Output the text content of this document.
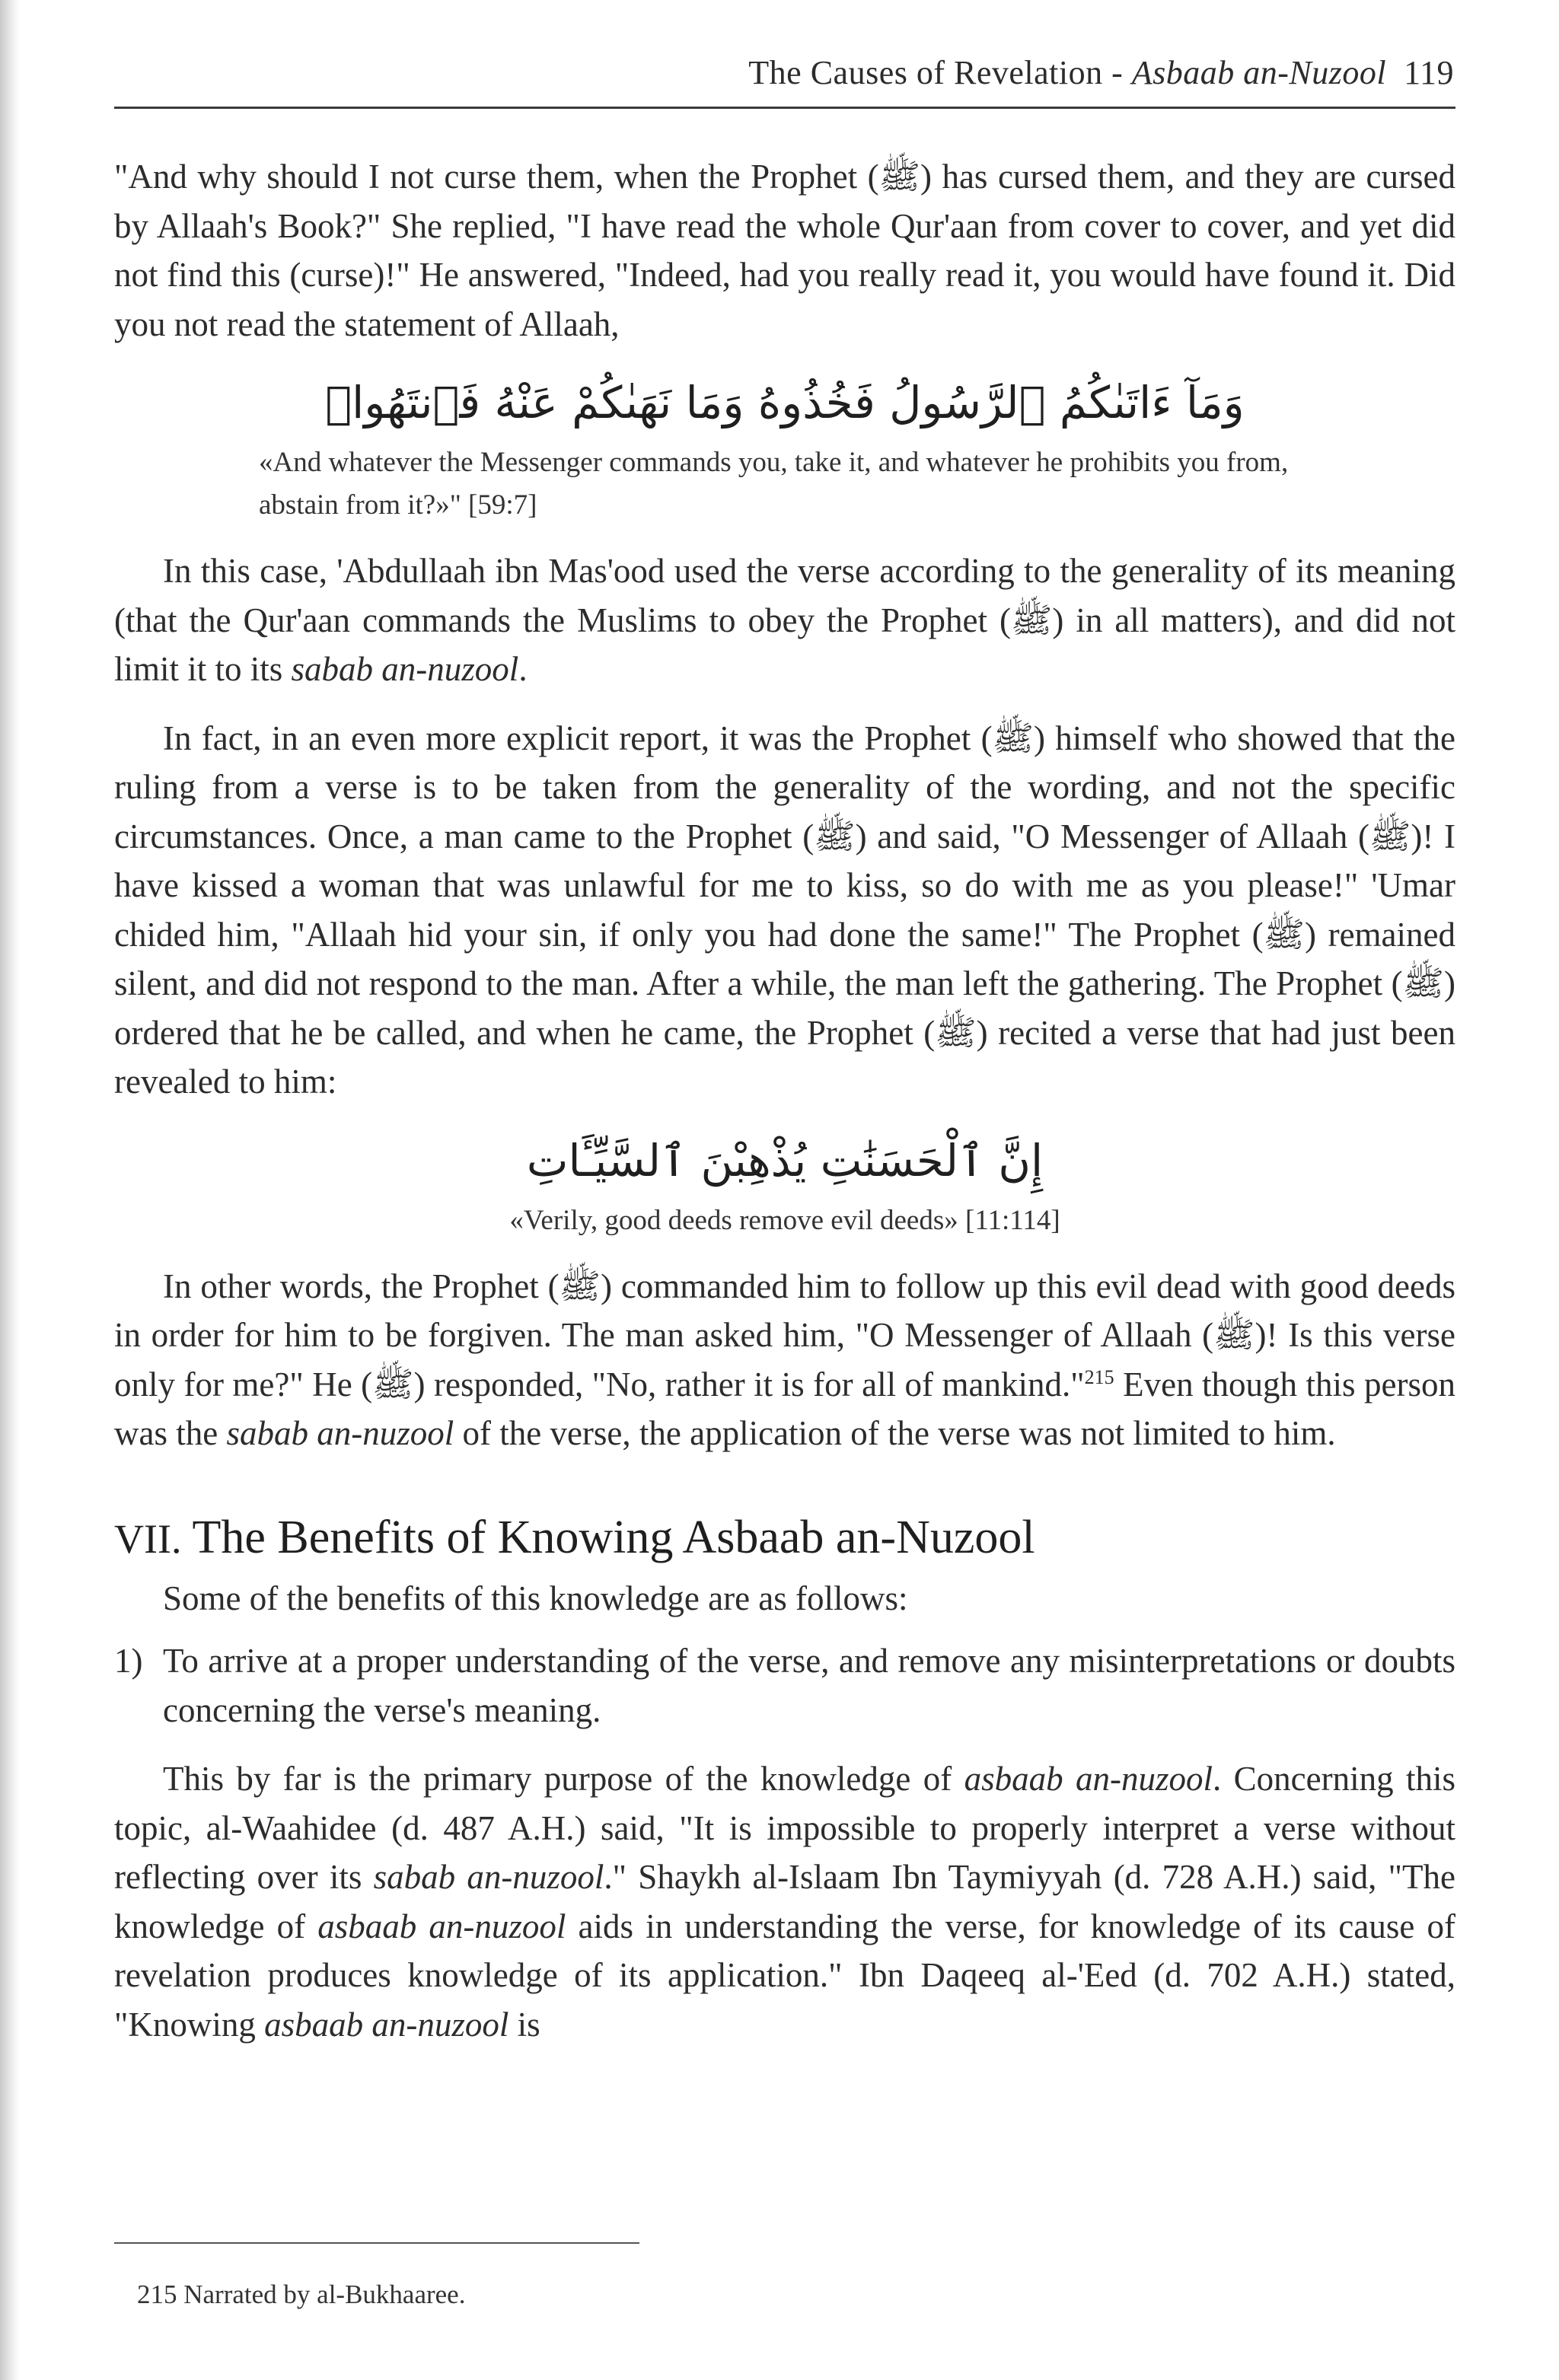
The Causes of Revelation - Asbaab an-Nuzool 119

"And why should I not curse them, when the Prophet (ﷺ) has cursed them, and they are cursed by Allaah's Book?" She replied, "I have read the whole Qur'aan from cover to cover, and yet did not find this (curse)!" He answered, "Indeed, had you really read it, you would have found it. Did you not read the statement of Allaah,

وَمَآ ءَاتَىٰكُمُ ٱلرَّسُولُ فَخُذُوهُ وَمَا نَهَىٰكُمْ عَنْهُ فَٱنتَهُوا۟

«And whatever the Messenger commands you, take it, and whatever he prohibits you from, abstain from it?»" [59:7]

In this case, 'Abdullaah ibn Mas'ood used the verse according to the generality of its meaning (that the Qur'aan commands the Muslims to obey the Prophet (ﷺ) in all matters), and did not limit it to its sabab an-nuzool.

In fact, in an even more explicit report, it was the Prophet (ﷺ) himself who showed that the ruling from a verse is to be taken from the generality of the wording, and not the specific circumstances. Once, a man came to the Prophet (ﷺ) and said, "O Messenger of Allaah (ﷺ)! I have kissed a woman that was unlawful for me to kiss, so do with me as you please!" 'Umar chided him, "Allaah hid your sin, if only you had done the same!" The Prophet (ﷺ) remained silent, and did not respond to the man. After a while, the man left the gathering. The Prophet (ﷺ) ordered that he be called, and when he came, the Prophet (ﷺ) recited a verse that had just been revealed to him:

إِنَّ ٱلْحَسَنَٰتِ يُذْهِبْنَ ٱلسَّيِّـَٔاتِ

«Verily, good deeds remove evil deeds» [11:114]

In other words, the Prophet (ﷺ) commanded him to follow up this evil dead with good deeds in order for him to be forgiven. The man asked him, "O Messenger of Allaah (ﷺ)! Is this verse only for me?" He (ﷺ) responded, "No, rather it is for all of mankind."$^{215}$ Even though this person was the sabab an-nuzool of the verse, the application of the verse was not limited to him.

VII. The Benefits of Knowing Asbaab an-Nuzool

Some of the benefits of this knowledge are as follows:

1) To arrive at a proper understanding of the verse, and remove any misinterpretations or doubts concerning the verse's meaning.

This by far is the primary purpose of the knowledge of asbaab an-nuzool. Concerning this topic, al-Waahidee (d. 487 A.H.) said, "It is impossible to properly interpret a verse without reflecting over its sabab an-nuzool." Shaykh al-Islaam Ibn Taymiyyah (d. 728 A.H.) said, "The knowledge of asbaab an-nuzool aids in understanding the verse, for knowledge of its cause of revelation produces knowledge of its application." Ibn Daqeeq al-'Eed (d. 702 A.H.) stated, "Knowing asbaab an-nuzool is

215 Narrated by al-Bukhaaree.
